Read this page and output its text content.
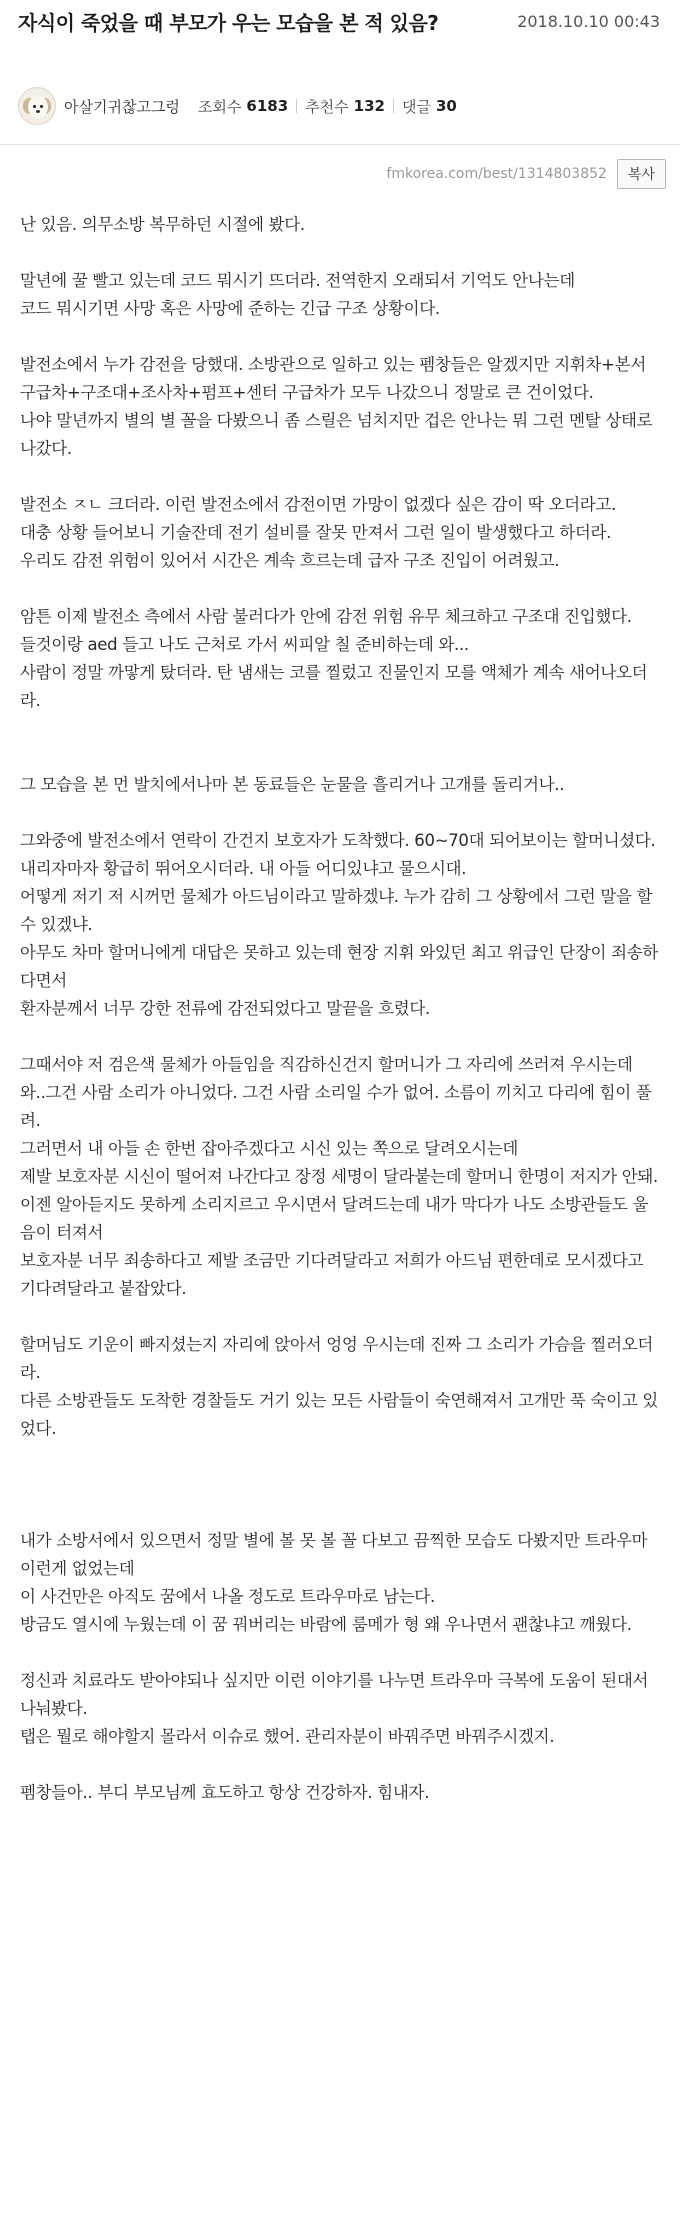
자식이 죽었을 때 부모가 우는 모습을 본 적 있음?	2018.10.10 00:43
아살기귀찮고그렁 조회수 6183 추천수 132 댓글 30
fmkorea.com/best/1314803852	복사

난 있음. 의무소방 복무하던 시절에 봤다.

말년에 꿀 빨고 있는데 코드 뭐시기 뜨더라. 전역한지 오래되서 기억도 안나는데
코드 뭐시기면 사망 혹은 사망에 준하는 긴급 구조 상황이다.

발전소에서 누가 감전을 당했대. 소방관으로 일하고 있는 펨창들은 알겠지만 지휘차+본서 구급차+구조대+조사차+펌프+센터 구급차가 모두 나갔으니 정말로 큰 건이었다.
나야 말년까지 별의 별 꼴을 다봤으니 좀 스릴은 넘치지만 겁은 안나는 뭐 그런 멘탈 상태로 나갔다.

발전소 ㅈㄴ 크더라. 이런 발전소에서 감전이면 가망이 없겠다 싶은 감이 딱 오더라고.
대충 상황 들어보니 기술잔데 전기 설비를 잘못 만져서 그런 일이 발생했다고 하더라.
우리도 감전 위험이 있어서 시간은 계속 흐르는데 급자 구조 진입이 어려웠고.

암튼 이제 발전소 측에서 사람 불러다가 안에 감전 위험 유무 체크하고 구조대 진입했다.
들것이랑 aed 들고 나도 근처로 가서 씨피알 칠 준비하는데 와...
사람이 정말 까맣게 탔더라. 탄 냄새는 코를 찔렀고 진물인지 모를 액체가 계속 새어나오더라.

그 모습을 본 먼 발치에서나마 본 동료들은 눈물을 흘리거나 고개를 돌리거나..

그와중에 발전소에서 연락이 간건지 보호자가 도착했다. 60~70대 되어보이는 할머니셨다.
내리자마자 황급히 뛰어오시더라. 내 아들 어디있냐고 물으시대.
어떻게 저기 저 시꺼먼 물체가 아드님이라고 말하겠냐. 누가 감히 그 상황에서 그런 말을 할 수 있겠냐.
아무도 차마 할머니에게 대답은 못하고 있는데 현장 지휘 와있던 최고 위급인 단장이 죄송하다면서
환자분께서 너무 강한 전류에 감전되었다고 말끝을 흐렸다.

그때서야 저 검은색 물체가 아들임을 직감하신건지 할머니가 그 자리에 쓰러져 우시는데
와..그건 사람 소리가 아니었다. 그건 사람 소리일 수가 없어. 소름이 끼치고 다리에 힘이 풀려.
그러면서 내 아들 손 한번 잡아주겠다고 시신 있는 쪽으로 달려오시는데
제발 보호자분 시신이 떨어져 나간다고 장정 세명이 달라붙는데 할머니 한명이 저지가 안돼.
이젠 알아듣지도 못하게 소리지르고 우시면서 달려드는데 내가 막다가 나도 소방관들도 울음이 터져서
보호자분 너무 죄송하다고 제발 조금만 기다려달라고 저희가 아드님 편한데로 모시겠다고 기다려달라고 붙잡았다.

할머님도 기운이 빠지셨는지 자리에 앉아서 엉엉 우시는데 진짜 그 소리가 가슴을 찔러오더라.
다른 소방관들도 도착한 경찰들도 거기 있는 모든 사람들이 숙연해져서 고개만 푹 숙이고 있었다.

내가 소방서에서 있으면서 정말 별에 볼 못 볼 꼴 다보고 끔찍한 모습도 다봤지만 트라우마 이런게 없었는데
이 사건만은 아직도 꿈에서 나올 정도로 트라우마로 남는다.
방금도 열시에 누웠는데 이 꿈 꿔버리는 바람에 룸메가 형 왜 우나면서 괜찮냐고 깨웠다.

정신과 치료라도 받아야되나 싶지만 이런 이야기를 나누면 트라우마 극복에 도움이 된대서 나눠봤다.
탭은 뭘로 해야할지 몰라서 이슈로 했어. 관리자분이 바꿔주면 바꿔주시겠지.

펨창들아.. 부디 부모님께 효도하고 항상 건강하자. 힘내자.
